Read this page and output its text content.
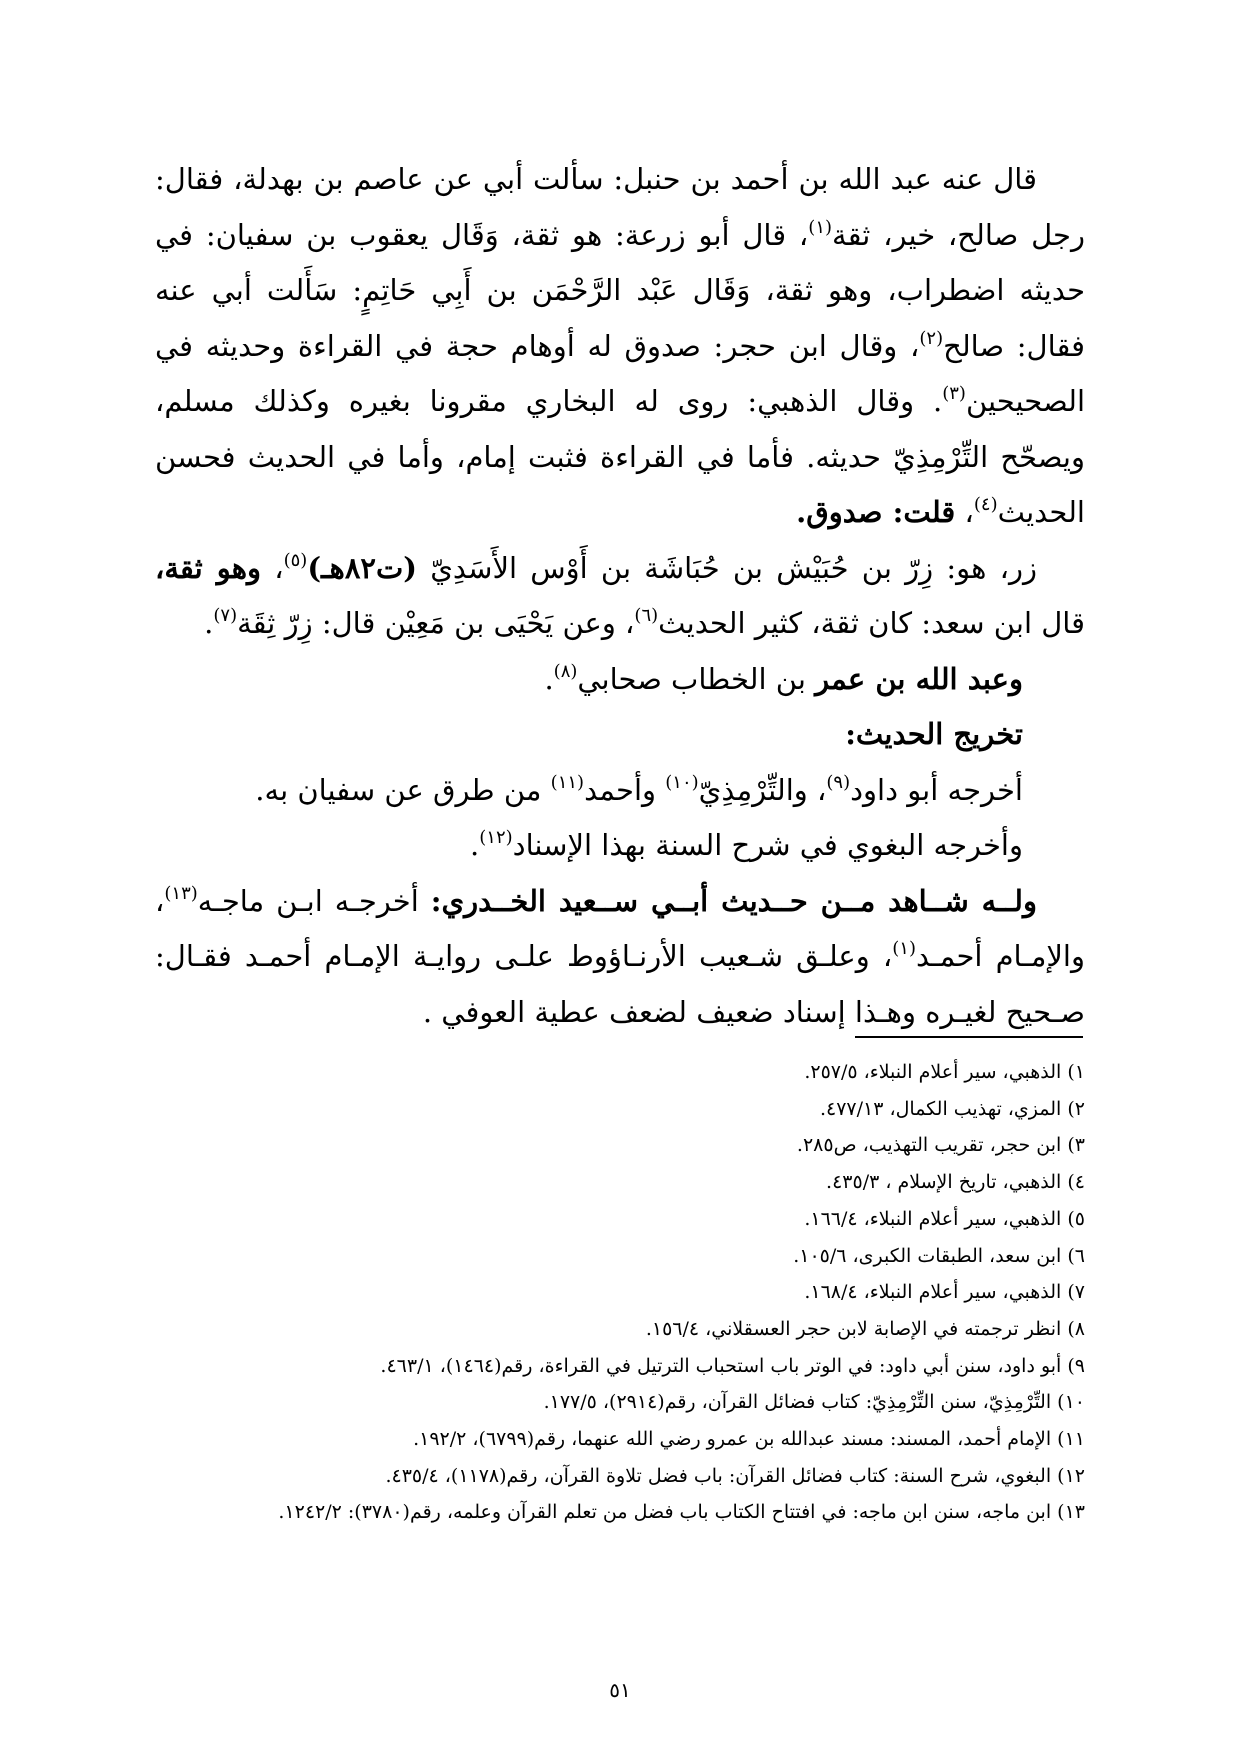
قال عنه عبد الله بن أحمد بن حنبل: سألت أبي عن عاصم بن بهدلة، فقال: رجل صالح، خير، ثقة$^{(١)}$، قال أبو زرعة: هو ثقة، وَقَال يعقوب بن سفيان: في حديثه اضطراب، وهو ثقة، وَقَال عَبْد الرَّحْمَن بن أَبِي حَاتِمٍ: سَأَلت أبي عنه فقال: صالح$^{(٢)}$، وقال ابن حجر: صدوق له أوهام حجة في القراءة وحديثه في الصحيحين$^{(٣)}$. وقال الذهبي: روى له البخاري مقرونا بغيره وكذلك مسلم، ويصحّح التِّرْمِذِيّ حديثه. فأما في القراءة فثبت إمام، وأما في الحديث فحسن الحديث$^{(٤)}$، قلت: صدوق.

زر، هو: زِرّ بن حُبَيْش بن حُبَاشَة بن أَوْس الأَسَدِيّ (ت٨٢هـ)$^{(٥)}$، وهو ثقة، قال ابن سعد: كان ثقة، كثير الحديث$^{(٦)}$، وعن يَحْيَى بن مَعِيْن قال: زِرّ ثِقَة$^{(٧)}$.

وعبد الله بن عمر بن الخطاب صحابي$^{(٨)}$.

تخريج الحديث:

أخرجه أبو داود$^{(٩)}$، والتِّرْمِذِيّ$^{(١٠)}$ وأحمد$^{(١١)}$ من طرق عن سفيان به.

وأخرجه البغوي في شرح السنة بهذا الإسناد$^{(١٢)}$.

ولــه شــاهد مــن حــديث أبــي ســعيد الخــدري: أخرجـه ابـن ماجـه$^{(١٣)}$، والإمـام أحمـد$^{(١)}$، وعلـق شـعيب الأرنـاؤوط علـى روايـة الإمـام أحمـد فقـال: صـحيح لغيـره وهـذا إسناد ضعيف لضعف عطية العوفي .

١) الذهبي، سير أعلام النبلاء، ٢٥٧/٥.

٢) المزي، تهذيب الكمال، ٤٧٧/١٣.

٣) ابن حجر، تقريب التهذيب، ص٢٨٥.

٤) الذهبي، تاريخ الإسلام ، ٤٣٥/٣.

٥) الذهبي، سير أعلام النبلاء، ١٦٦/٤.

٦) ابن سعد، الطبقات الكبرى، ١٠٥/٦.

٧) الذهبي، سير أعلام النبلاء، ١٦٨/٤.

٨) انظر ترجمته في الإصابة لابن حجر العسقلاني، ١٥٦/٤.

٩) أبو داود، سنن أبي داود: في الوتر باب استحباب الترتيل في القراءة، رقم(١٤٦٤)، ٤٦٣/١.

١٠) التِّرْمِذِيّ، سنن التِّرْمِذِيّ: كتاب فضائل القرآن، رقم(٢٩١٤)، ١٧٧/٥.

١١) الإمام أحمد، المسند: مسند عبدالله بن عمرو رضي الله عنهما، رقم(٦٧٩٩)، ١٩٢/٢.

١٢) البغوي، شرح السنة: كتاب فضائل القرآن: باب فضل تلاوة القرآن، رقم(١١٧٨)، ٤٣٥/٤.

١٣) ابن ماجه، سنن ابن ماجه: في افتتاح الكتاب باب فضل من تعلم القرآن وعلمه، رقم(٣٧٨٠): ١٢٤٢/٢.

٥١
